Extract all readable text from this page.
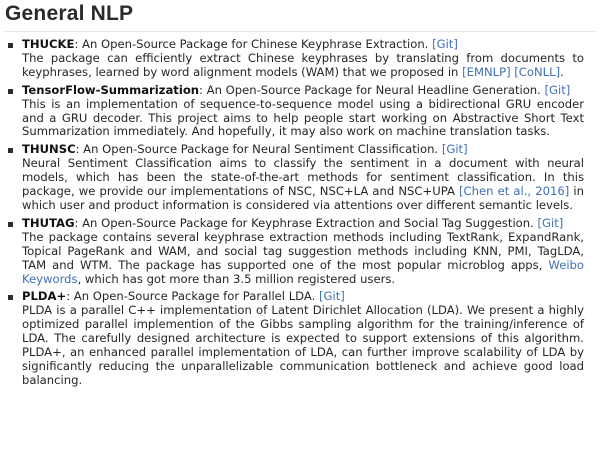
General NLP
THUCKE: An Open-Source Package for Chinese Keyphrase Extraction. [Git]
The package can efficiently extract Chinese keyphrases by translating from documents to keyphrases, learned by word alignment models (WAM) that we proposed in [EMNLP] [CoNLL].
TensorFlow-Summarization: An Open-Source Package for Neural Headline Generation. [Git]
This is an implementation of sequence-to-sequence model using a bidirectional GRU encoder and a GRU decoder. This project aims to help people start working on Abstractive Short Text Summarization immediately. And hopefully, it may also work on machine translation tasks.
THUNSC: An Open-Source Package for Neural Sentiment Classification. [Git]
Neural Sentiment Classification aims to classify the sentiment in a document with neural models, which has been the state-of-the-art methods for sentiment classification. In this package, we provide our implementations of NSC, NSC+LA and NSC+UPA [Chen et al., 2016] in which user and product information is considered via attentions over different semantic levels.
THUTAG: An Open-Source Package for Keyphrase Extraction and Social Tag Suggestion. [Git]
The package contains several keyphrase extraction methods including TextRank, ExpandRank, Topical PageRank and WAM, and social tag suggestion methods including KNN, PMI, TagLDA, TAM and WTM. The package has supported one of the most popular microblog apps, Weibo Keywords, which has got more than 3.5 million registered users.
PLDA+: An Open-Source Package for Parallel LDA. [Git]
PLDA is a parallel C++ implementation of Latent Dirichlet Allocation (LDA). We present a highly optimized parallel implemention of the Gibbs sampling algorithm for the training/inference of LDA. The carefully designed architecture is expected to support extensions of this algorithm. PLDA+, an enhanced parallel implementation of LDA, can further improve scalability of LDA by significantly reducing the unparallelizable communication bottleneck and achieve good load balancing.
